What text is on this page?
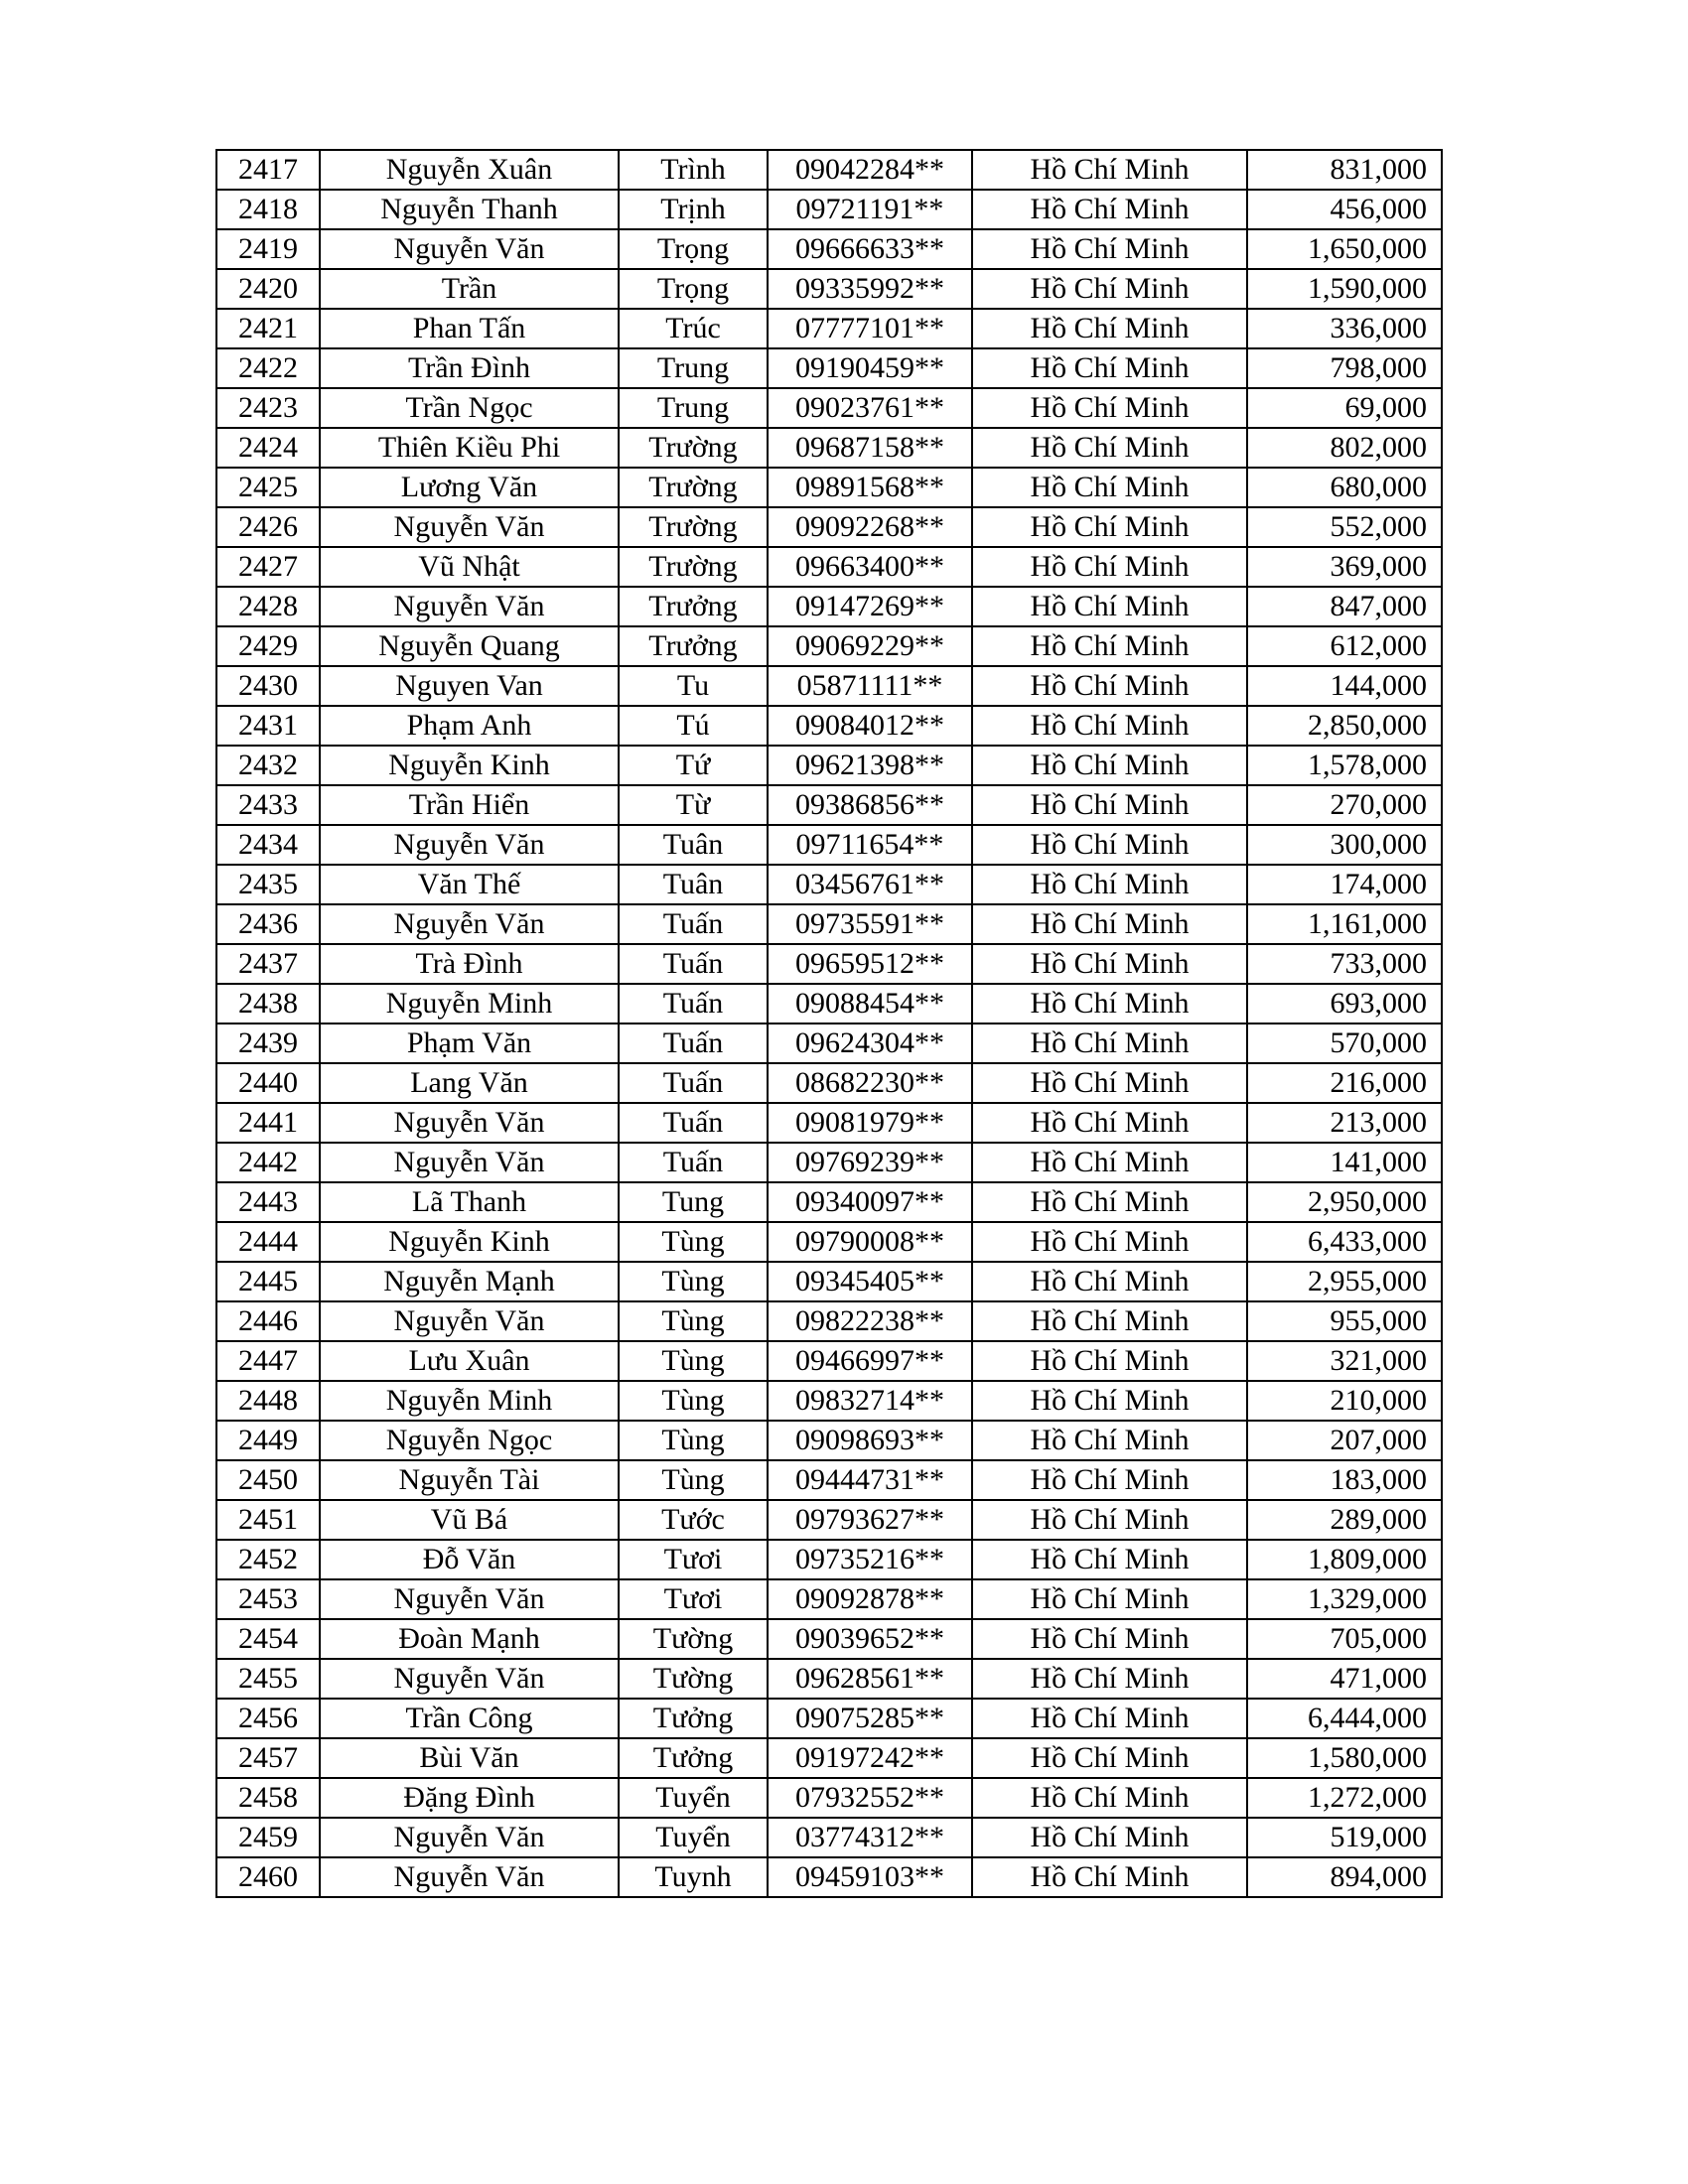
2417	Nguyễn Xuân	Trình	09042284**	Hồ Chí Minh	831,000
2418	Nguyễn Thanh	Trịnh	09721191**	Hồ Chí Minh	456,000
2419	Nguyễn Văn	Trọng	09666633**	Hồ Chí Minh	1,650,000
2420	Trần	Trọng	09335992**	Hồ Chí Minh	1,590,000
2421	Phan Tấn	Trúc	07777101**	Hồ Chí Minh	336,000
2422	Trần Đình	Trung	09190459**	Hồ Chí Minh	798,000
2423	Trần Ngọc	Trung	09023761**	Hồ Chí Minh	69,000
2424	Thiên Kiều Phi	Trường	09687158**	Hồ Chí Minh	802,000
2425	Lương Văn	Trường	09891568**	Hồ Chí Minh	680,000
2426	Nguyễn Văn	Trường	09092268**	Hồ Chí Minh	552,000
2427	Vũ Nhật	Trường	09663400**	Hồ Chí Minh	369,000
2428	Nguyễn Văn	Trưởng	09147269**	Hồ Chí Minh	847,000
2429	Nguyễn Quang	Trưởng	09069229**	Hồ Chí Minh	612,000
2430	Nguyen Van	Tu	05871111**	Hồ Chí Minh	144,000
2431	Phạm Anh	Tú	09084012**	Hồ Chí Minh	2,850,000
2432	Nguyễn Kinh	Tứ	09621398**	Hồ Chí Minh	1,578,000
2433	Trần Hiển	Từ	09386856**	Hồ Chí Minh	270,000
2434	Nguyễn Văn	Tuân	09711654**	Hồ Chí Minh	300,000
2435	Văn Thế	Tuân	03456761**	Hồ Chí Minh	174,000
2436	Nguyễn Văn	Tuấn	09735591**	Hồ Chí Minh	1,161,000
2437	Trà Đình	Tuấn	09659512**	Hồ Chí Minh	733,000
2438	Nguyễn Minh	Tuấn	09088454**	Hồ Chí Minh	693,000
2439	Phạm Văn	Tuấn	09624304**	Hồ Chí Minh	570,000
2440	Lang Văn	Tuấn	08682230**	Hồ Chí Minh	216,000
2441	Nguyễn Văn	Tuấn	09081979**	Hồ Chí Minh	213,000
2442	Nguyễn Văn	Tuấn	09769239**	Hồ Chí Minh	141,000
2443	Lã Thanh	Tung	09340097**	Hồ Chí Minh	2,950,000
2444	Nguyễn Kinh	Tùng	09790008**	Hồ Chí Minh	6,433,000
2445	Nguyễn Mạnh	Tùng	09345405**	Hồ Chí Minh	2,955,000
2446	Nguyễn Văn	Tùng	09822238**	Hồ Chí Minh	955,000
2447	Lưu Xuân	Tùng	09466997**	Hồ Chí Minh	321,000
2448	Nguyễn Minh	Tùng	09832714**	Hồ Chí Minh	210,000
2449	Nguyễn Ngọc	Tùng	09098693**	Hồ Chí Minh	207,000
2450	Nguyễn Tài	Tùng	09444731**	Hồ Chí Minh	183,000
2451	Vũ Bá	Tước	09793627**	Hồ Chí Minh	289,000
2452	Đỗ Văn	Tươi	09735216**	Hồ Chí Minh	1,809,000
2453	Nguyễn Văn	Tươi	09092878**	Hồ Chí Minh	1,329,000
2454	Đoàn Mạnh	Tường	09039652**	Hồ Chí Minh	705,000
2455	Nguyễn Văn	Tường	09628561**	Hồ Chí Minh	471,000
2456	Trần Công	Tưởng	09075285**	Hồ Chí Minh	6,444,000
2457	Bùi Văn	Tưởng	09197242**	Hồ Chí Minh	1,580,000
2458	Đặng Đình	Tuyển	07932552**	Hồ Chí Minh	1,272,000
2459	Nguyễn Văn	Tuyển	03774312**	Hồ Chí Minh	519,000
2460	Nguyễn Văn	Tuynh	09459103**	Hồ Chí Minh	894,000
